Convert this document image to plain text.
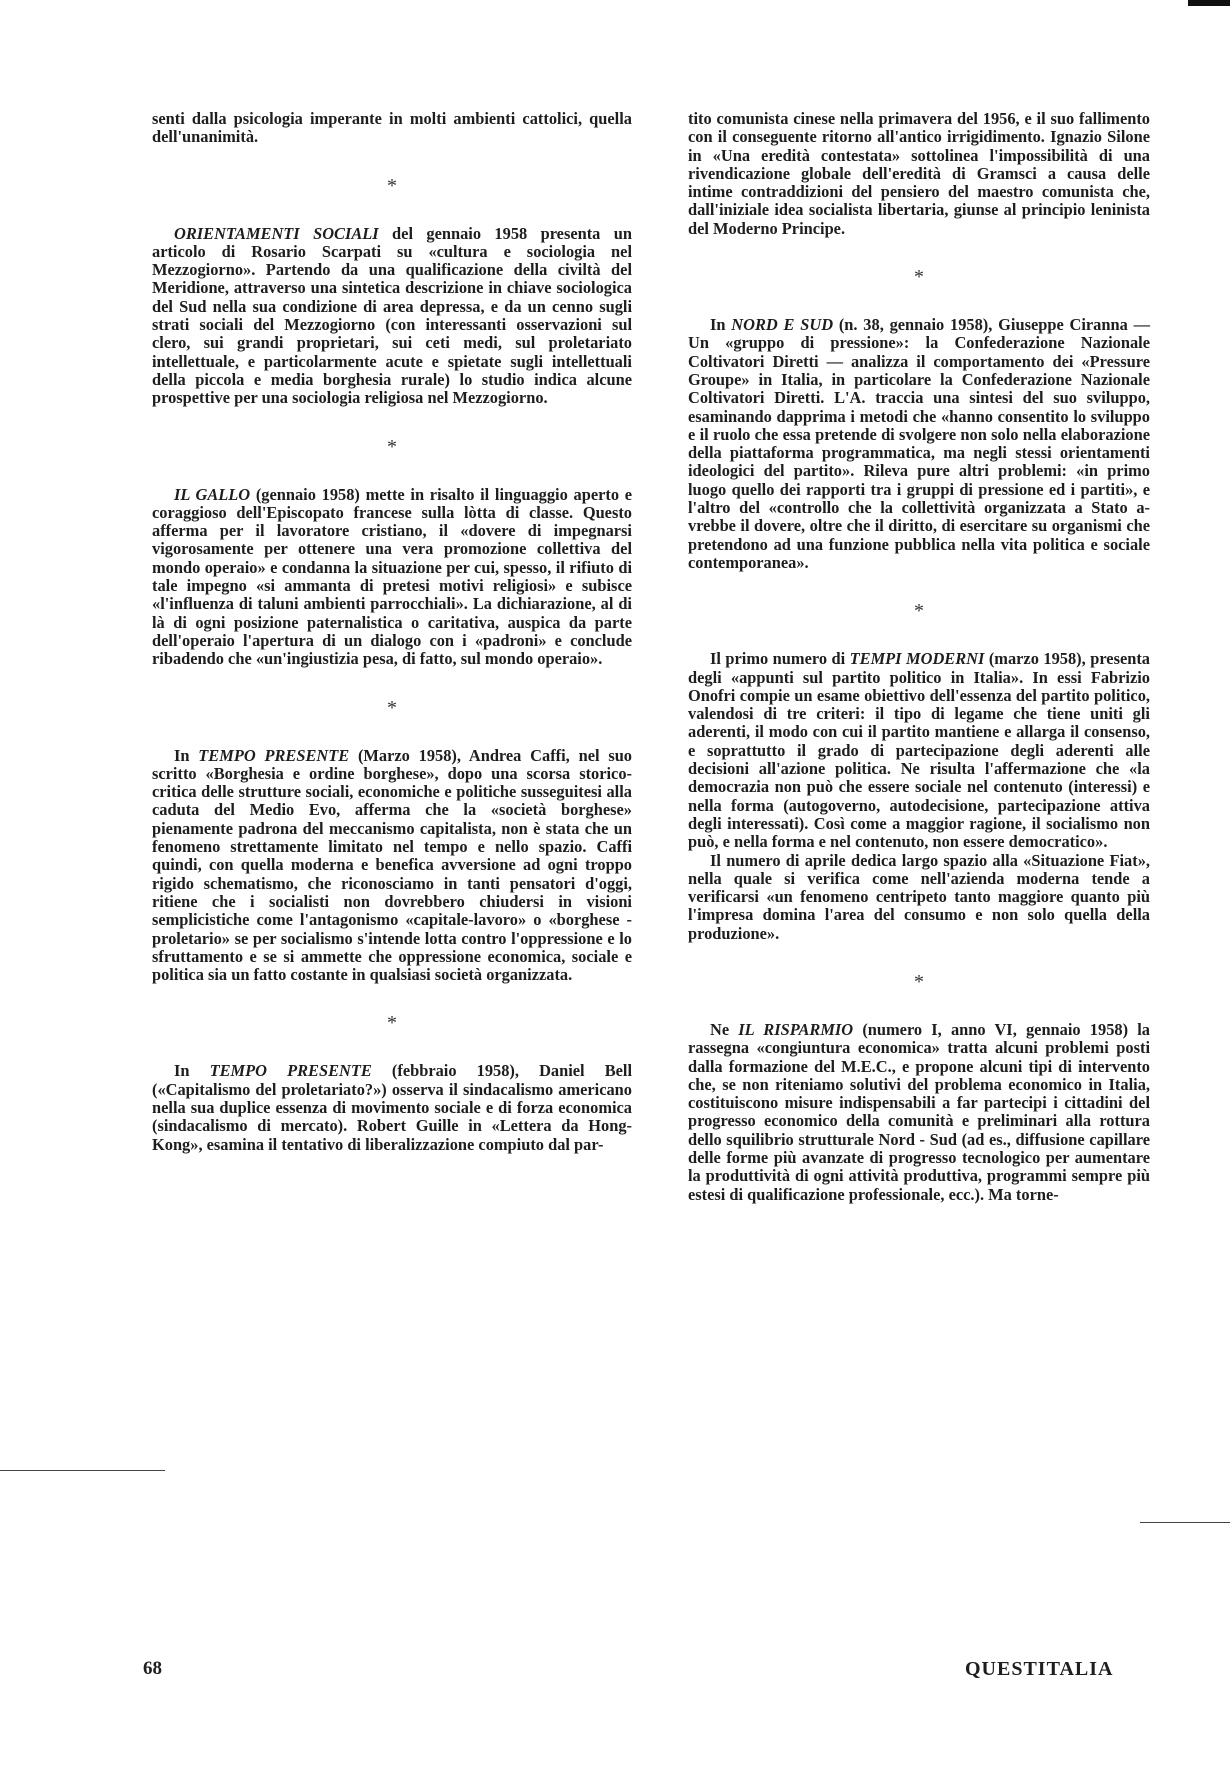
senti dalla psicologia imperante in molti ambienti cattolici, quella dell'unanimità.

*

ORIENTAMENTI SOCIALI del gennaio 1958 presenta un articolo di Rosario Scarpati su «cultura e sociologia nel Mezzogiorno». Partendo da una qualificazione della civiltà del Meridione, attraverso una sintetica descrizione in chiave sociologica del Sud nella sua condizione di area depressa, e da un cenno sugli strati sociali del Mezzogiorno (con interessanti osservazioni sul clero, sui grandi proprietari, sui ceti medi, sul proletariato intellettuale, e particolarmente acute e spietate sugli intellettuali della piccola e media borghesia rurale) lo studio indica alcune prospettive per una sociologia religiosa nel Mezzogiorno.

*

IL GALLO (gennaio 1958) mette in risalto il linguaggio aperto e coraggioso dell'Episcopato francese sulla lòtta di classe. Questo afferma per il lavoratore cristiano, il «dovere di impegnarsi vigorosamente per ottenere una vera promozione collettiva del mondo operaio» e condanna la situazione per cui, spesso, il rifiuto di tale impegno «si ammanta di pretesi motivi religiosi» e subisce «l'influenza di taluni ambienti parrocchiali». La dichiarazione, al di là di ogni posizione paternalistica o caritativa, auspica da parte dell'operaio l'apertura di un dialogo con i «padroni» e conclude ribadendo che «un'ingiustizia pesa, di fatto, sul mondo operaio».

*

In TEMPO PRESENTE (Marzo 1958), Andrea Caffi, nel suo scritto «Borghesia e ordine borghese», dopo una scorsa storico-critica delle strutture sociali, economiche e politiche susseguitesi alla caduta del Medio Evo, afferma che la «società borghese» pienamente padrona del meccanismo capitalista, non è stata che un fenomeno strettamente limitato nel tempo e nello spazio. Caffi quindi, con quella moderna e benefica avversione ad ogni troppo rigido schematismo, che riconosciamo in tanti pensatori d'oggi, ritiene che i socialisti non dovrebbero chiudersi in visioni semplicistiche come l'antagonismo «capitale-lavoro» o «borghese - proletario» se per socialismo s'intende lotta contro l'oppressione e lo sfruttamento e se si ammette che oppressione economica, sociale e politica sia un fatto costante in qualsiasi società organizzata.

*

In TEMPO PRESENTE (febbraio 1958), Daniel Bell («Capitalismo del proletariato?») osserva il sindacalismo americano nella sua duplice essenza di movimento sociale e di forza economica (sindacalismo di mercato). Robert Guille in «Lettera da Hong-Kong», esamina il tentativo di liberalizzazione compiuto dal par-

tito comunista cinese nella primavera del 1956, e il suo fallimento con il conseguente ritorno all'antico irrigidimento. Ignazio Silone in «Una eredità contestata» sottolinea l'impossibilità di una rivendicazione globale dell'eredità di Gramsci a causa delle intime contraddizioni del pensiero del maestro comunista che, dall'iniziale idea socialista libertaria, giunse al principio leninista del Moderno Principe.

*

In NORD E SUD (n. 38, gennaio 1958), Giuseppe Ciranna — Un «gruppo di pressione»: la Confederazione Nazionale Coltivatori Diretti — analizza il comportamento dei «Pressure Groupe» in Italia, in particolare la Confederazione Nazionale Coltivatori Diretti. L'A. traccia una sintesi del suo sviluppo, esaminando dapprima i metodi che «hanno consentito lo sviluppo e il ruolo che essa pretende di svolgere non solo nella elaborazione della piattaforma programmatica, ma negli stessi orientamenti ideologici del partito». Rileva pure altri problemi: «in primo luogo quello dei rapporti tra i gruppi di pressione ed i partiti», e l'altro del «controllo che la collettività organizzata a Stato avrebbe il dovere, oltre che il diritto, di esercitare su organismi che pretendono ad una funzione pubblica nella vita politica e sociale contemporanea».

*

Il primo numero di TEMPI MODERNI (marzo 1958), presenta degli «appunti sul partito politico in Italia». In essi Fabrizio Onofri compie un esame obiettivo dell'essenza del partito politico, valendosi di tre criteri: il tipo di legame che tiene uniti gli aderenti, il modo con cui il partito mantiene e allarga il consenso, e soprattutto il grado di partecipazione degli aderenti alle decisioni all'azione politica. Ne risulta l'affermazione che «la democrazia non può che essere sociale nel contenuto (interessi) e nella forma (autogoverno, autodecisione, partecipazione attiva degli interessati). Così come a maggior ragione, il socialismo non può, e nella forma e nel contenuto, non essere democratico».

Il numero di aprile dedica largo spazio alla «Situazione Fiat», nella quale si verifica come nell'azienda moderna tende a verificarsi «un fenomeno centripeto tanto maggiore quanto più l'impresa domina l'area del consumo e non solo quella della produzione».

*

Ne IL RISPARMIO (numero I, anno VI, gennaio 1958) la rassegna «congiuntura economica» tratta alcuni problemi posti dalla formazione del M.E.C., e propone alcuni tipi di intervento che, se non riteniamo solutivi del problema economico in Italia, costituiscono misure indispensabili a far partecipi i cittadini del progresso economico della comunità e preliminari alla rottura dello squilibrio strutturale Nord - Sud (ad es., diffusione capillare delle forme più avanzate di progresso tecnologico per aumentare la produttività di ogni attività produttiva, programmi sempre più estesi di qualificazione professionale, ecc.). Ma torne-

68	QUESTITALIA
